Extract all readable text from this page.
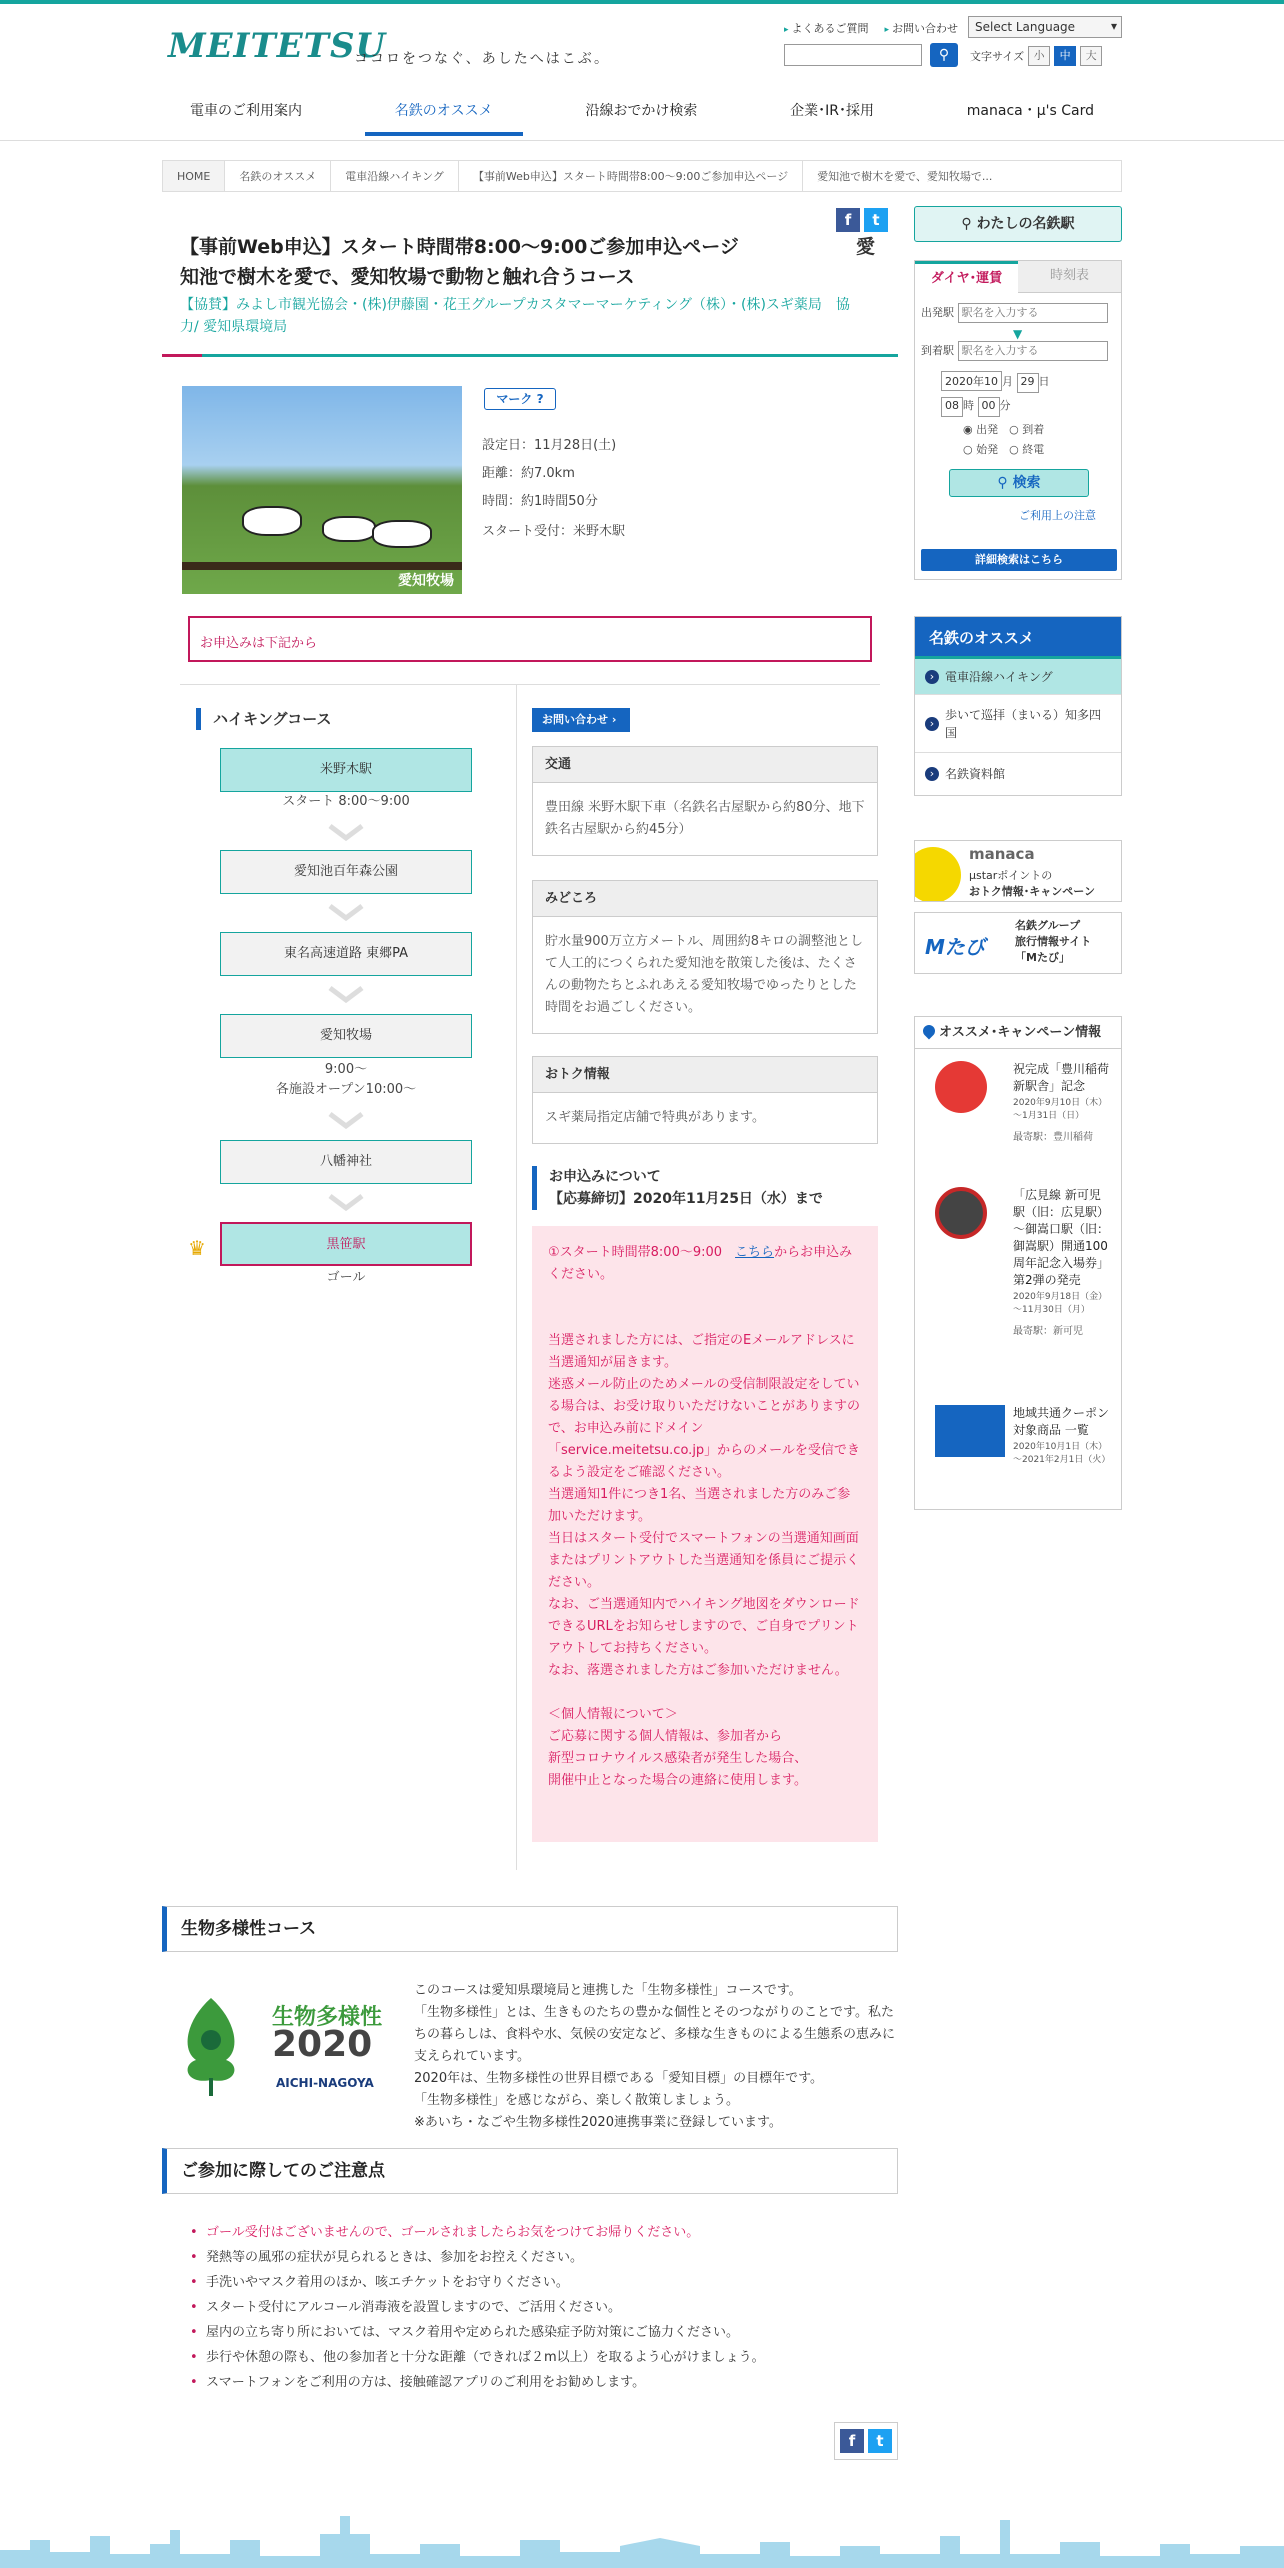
MEITETSU
ココロをつなぐ、あしたへはこぶ。
▸ よくあるご質問
▸	お問い合わせ	Select Language ▾
⚲	文字サイズ 小	中	大
電車のご利用案内	名鉄のオススメ	沿線おでかけ検索	企業･IR･採用	manaca・μ's Card
HOME	名鉄のオススメ	電車沿線ハイキング	【事前Web申込】スタート時間帯8:00～9:00ご参加申込ページ	愛知池で樹木を愛で、愛知牧場で...
f	t
【事前Web申込】スタート時間帯8:00～9:00ご参加申込ページ
知池で樹木を愛で、愛知牧場で動物と触れ合うコース
愛
【協賛】みよし市観光協会・(株)伊藤園・花王グループカスタマーマーケティング（株）・(株)スギ薬局　協力/ 愛知県環境局
愛知牧場
マーク ?
設定日：11月28日(土)
距離：約7.0km
時間：約1時間50分
スタート受付：米野木駅
お申込みは下記から
ハイキングコース
米野木駅
スタート 8:00～9:00
愛知池百年森公園
東名高速道路 東郷PA
愛知牧場
9:00～
各施設オープン10:00～
八幡神社
♛	黒笹駅
ゴール
お問い合わせ ›
交通
豊田線 米野木駅下車（名鉄名古屋駅から約80分、地下鉄名古屋駅から約45分）
みどころ
貯水量900万立方メートル、周囲約8キロの調整池として人工的につくられた愛知池を散策した後は、たくさんの動物たちとふれあえる愛知牧場でゆったりとした時間をお過ごしください。
おトク情報
スギ薬局指定店舗で特典があります。
お申込みについて
【応募締切】2020年11月25日（水）まで

①スタート時間帯8:00～9:00　こちらからお申込みください。

当選されました方には、ご指定のEメールアドレスに当選通知が届きます。
迷惑メール防止のためメールの受信制限設定をしている場合は、お受け取りいただけないことがありますので、お申込み前にドメイン「service.meitetsu.co.jp」からのメールを受信できるよう設定をご確認ください。
当選通知1件につき1名、当選されました方のみご参加いただけます。
当日はスタート受付でスマートフォンの当選通知画面またはプリントアウトした当選通知を係員にご提示ください。
なお、ご当選通知内でハイキング地図をダウンロードできるURLをお知らせしますので、ご自身でプリントアウトしてお持ちください。
なお、落選されました方はご参加いただけません。

＜個人情報について＞
ご応募に関する個人情報は、参加者から
新型コロナウイルス感染者が発生した場合、
開催中止となった場合の連絡に使用します。

生物多様性コース
生物多様性
2020
AICHI-NAGOYA
このコースは愛知県環境局と連携した「生物多様性」コースです。
「生物多様性」とは、生きものたちの豊かな個性とそのつながりのことです。私たちの暮らしは、食料や水、気候の安定など、多様な生きものによる生態系の恵みに支えられています。
2020年は、生物多様性の世界目標である「愛知目標」の目標年です。
「生物多様性」を感じながら、楽しく散策しましょう。
※あいち・なごや生物多様性2020連携事業に登録しています。
ご参加に際してのご注意点
• ゴール受付はございませんので、ゴールされましたらお気をつけてお帰りください。
• 発熱等の風邪の症状が見られるときは、参加をお控えください。
• 手洗いやマスク着用のほか、咳エチケットをお守りください。
• スタート受付にアルコール消毒液を設置しますので、ご活用ください。
• 屋内の立ち寄り所においては、マスク着用や定められた感染症予防対策にご協力ください。
• 歩行や休憩の際も、他の参加者と十分な距離（できれば２m以上）を取るよう心がけましょう。
• スマートフォンをご利用の方は、接触確認アプリのご利用をお勧めします。
f	t
⚲ わたしの名鉄駅
ダイヤ･運賃	時刻表
出発駅 駅名を入力する
▼
到着駅 駅名を入力する
2020年10 月 29 日
08 時 00 分
◉ 出発　 ○ 到着
○ 始発　 ○ 終電
⚲ 検索
ご利用上の注意
詳細検索はこちら
名鉄のオススメ
› 電車沿線ハイキング
› 歩いて巡拝（まいる）知多四国
› 名鉄資料館
manaca
μstarポイントの
おトク情報･キャンペーン
Mたび
名鉄グループ
旅行情報サイト
「Mたび」
オススメ･キャンペーン情報
祝完成「豊川稲荷新駅舎」記念
2020年9月10日（木）～1月31日（日）
最寄駅：豊川稲荷
「広見線 新可児駅（旧：広見駅）～御嵩口駅（旧：御嵩駅）開通100周年記念入場券」第2弾の発売
2020年9月18日（金）～11月30日（月）
最寄駅：新可児
地域共通クーポン対象商品 一覧
2020年10月1日（木）～2021年2月1日（火）
